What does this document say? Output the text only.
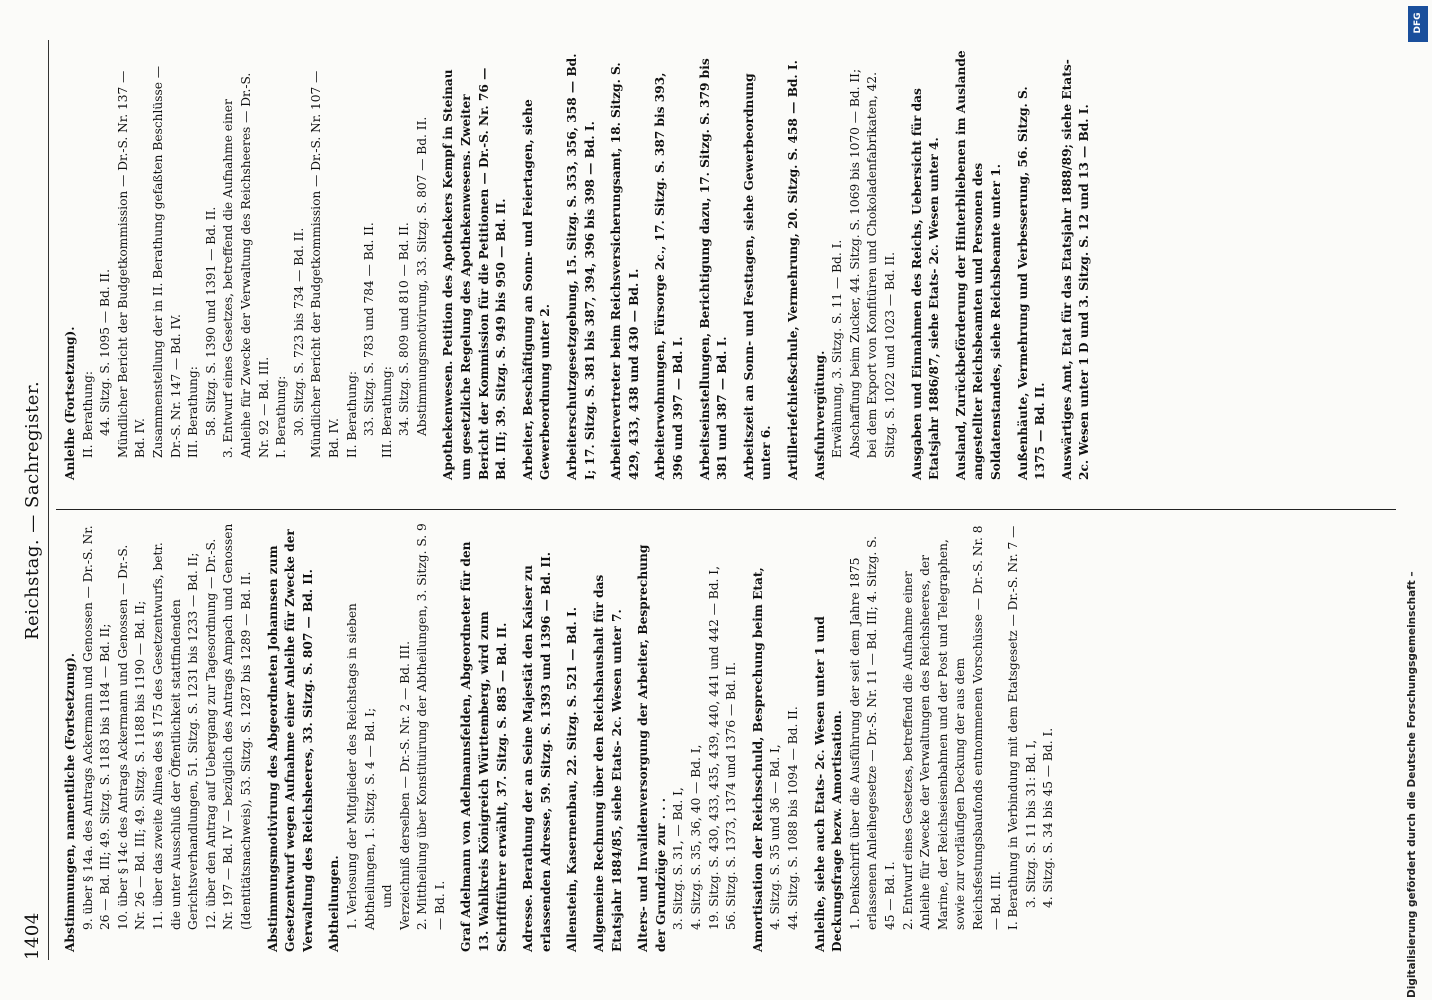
1404
Reichstag. — Sachregister.
Abstimmungen, namentliche (Fortsetzung). 9. über § 14a. des Antrags Ackermann und Genossen — Dr.-S. Nr. 26 — Bd. III; 49. Sitzg. S. 1183 bis 1184 — Bd. II; 10. über § 14c des Antrags Ackermann und Genossen — Dr.-S. Nr. 26 — Bd. III; 49. Sitzg. S. 1188 bis 1190 — Bd. II; 11. über das zweite Alinea des § 175 des Gesetzentwurfs, betr. die unter Ausschluß der Öffentlichkeit stattfindenden Gerichtsverhandlungen, 51. Sitzg. S. 1231 bis 1233 — Bd. II; 12. über den Antrag auf Uebergang zur Tagesordnung — Dr.-S. Nr. 197 — Bd. IV — bezüglich des Antrags Ampach und Genossen (Identitätsnachweis), 53. Sitzg. S. 1287 bis 1289 — Bd. II. Abstimmungsmotivirung des Abgeordneten Johannsen zum Gesetzentwurf wegen Aufnahme einer Anleihe für Zwecke der Verwaltung des Reichsheeres, 33. Sitzg. S. 807 — Bd. II. Abtheilungen. 1. Verlosung der Mitglieder des Reichstags in sieben Abtheilungen, 1. Sitzg. S. 4 — Bd. I; und Verzeichniß derselben — Dr.-S. Nr. 2 — Bd. III. 2. Mittheilung über Konstituirung der Abtheilungen, 3. Sitzg. S. 9 — Bd. I. Graf Adelmann von Adelmannsfelden, Abgeordneter für den 13. Wahlkreis Königreich Württemberg, wird zum Schriftführer erwählt, 37. Sitzg. S. 885 — Bd. II. Adresse. Berathung der an Seine Majestät den Kaiser zu erlassenden Adresse, 59. Sitzg. S. 1393 und 1396 — Bd. II. Allenstein, Kasernenbau, 22. Sitzg. S. 521 — Bd. I. Allgemeine Rechnung über den Reichshaushalt für das Etatsjahr 1884/85, siehe Etats- 2c. Wesen unter 7. Alters- und Invalidenversorgung der Arbeiter, Besprechung der Grundzüge zur . . . 3. Sitzg. S. 31, — Bd. I, 4. Sitzg. S. 35, 36, 40 — Bd. I, 19. Sitzg. S. 430, 433, 435, 439, 440, 441 und 442 — Bd. I, 56. Sitzg. S. 1373, 1374 und 1376 — Bd. II. Amortisation der Reichsschuld, Besprechung beim Etat, 4. Sitzg. S. 35 und 36 — Bd. I, 44. Sitzg. S. 1088 bis 1094 — Bd. II. Anleihe, siehe auch Etats- 2c. Wesen unter 1 und Deckungsfrage bezw. Amortisation. 1. Denkschrift über die Ausführung der seit dem Jahre 1875 erlassenen Anleihegesetze — Dr.-S. Nr. 11 — Bd. III; 4. Sitzg. S. 45 — Bd. I. 2. Entwurf eines Gesetzes, betreffend die Aufnahme einer Anleihe für Zwecke der Verwaltungen des Reichsheeres, der Marine, der Reichseisenbahnen und der Post und Telegraphen, sowie zur vorläufigen Deckung der aus dem Reichsfestungsbaufonds entnommenen Vorschüsse — Dr.-S. Nr. 8 — Bd. III. I. Berathung in Verbindung mit dem Etatsgesetz — Dr.-S. Nr. 7 — 3. Sitzg. S. 11 bis 31: Bd. I, 4. Sitzg. S. 34 bis 45 — Bd. I.
Anleihe (Fortsetzung). II. Berathung: 44. Sitzg. S. 1095 — Bd. II. Mündlicher Bericht der Budgetkommission — Dr.-S. Nr. 137 — Bd. IV. Zusammenstellung der in II. Berathung gefaßten Beschlüsse — Dr.-S. Nr. 147 — Bd. IV. III. Berathung: 58. Sitzg. S. 1390 und 1391 — Bd. II. 3. Entwurf eines Gesetzes, betreffend die Aufnahme einer Anleihe für Zwecke der Verwaltung des Reichsheeres — Dr.-S. Nr. 92 — Bd. III. I. Berathung: 30. Sitzg. S. 723 bis 734 — Bd. II. Mündlicher Bericht der Budgetkommission — Dr.-S. Nr. 107 — Bd. IV. II. Berathung: 33. Sitzg. S. 783 und 784 — Bd. II. III. Berathung: 34. Sitzg. S. 809 und 810 — Bd. II. Abstimmungsmotivirung, 33. Sitzg. S. 807 — Bd. II. Apothekenwesen. Petition des Apothekers Kempf in Steinau um gesetzliche Regelung des Apothekenwesens. Zweiter Bericht der Kommission für die Petitionen — Dr.-S. Nr. 76 — Bd. III; 39. Sitzg. S. 949 bis 950 — Bd. II. Arbeiter, Beschäftigung an Sonn- und Feiertagen, siehe Gewerbeordnung unter 2. Arbeiterschutzgesetzgebung, 15. Sitzg. S. 353, 356, 358 — Bd. I; 17. Sitzg. S. 381 bis 387, 394, 396 bis 398 — Bd. I. Arbeitervertreter beim Reichsversicherungsamt, 18. Sitzg. S. 429, 433, 438 und 430 — Bd. I. Arbeiterwohnungen, Fürsorge 2c., 17. Sitzg. S. 387 bis 393, 396 und 397 — Bd. I. Arbeitseinstellungen, Berichtigung dazu, 17. Sitzg. S. 379 bis 381 und 387 — Bd. I. Arbeitszeit an Sonn- und Festtagen, siehe Gewerbeordnung unter 6. Artilleriefchießschule, Vermehrung, 20. Sitzg. S. 458 — Bd. I. Ausfuhrvergütung. Erwähnung, 3. Sitzg. S. 11 — Bd. I. Abschaffung beim Zucker, 44. Sitzg. S. 1069 bis 1070 — Bd. II; bei dem Export von Konfitüren und Chokoladenfabrikaten, 42. Sitzg. S. 1022 und 1023 — Bd. II. Ausgaben und Einnahmen des Reichs, Uebersicht für das Etatsjahr 1886/87, siehe Etats- 2c. Wesen unter 4. Ausland, Zurückbeförderung der Hinterbliebenen im Auslande angestellter Reichsbeamten und Personen des Soldatenstandes, siehe Reichsbeamte unter 1. Außenhäute, Vermehrung und Verbesserung, 56. Sitzg. S. 1375 — Bd. II. Auswärtiges Amt, Etat für das Etatsjahr 1888/89; siehe Etats- 2c. Wesen unter 1 D und 3. Sitzg. S. 12 und 13 — Bd. I.
Digitalisierung gefördert durch die Deutsche Forschungsgemeinschaft –
DFG
